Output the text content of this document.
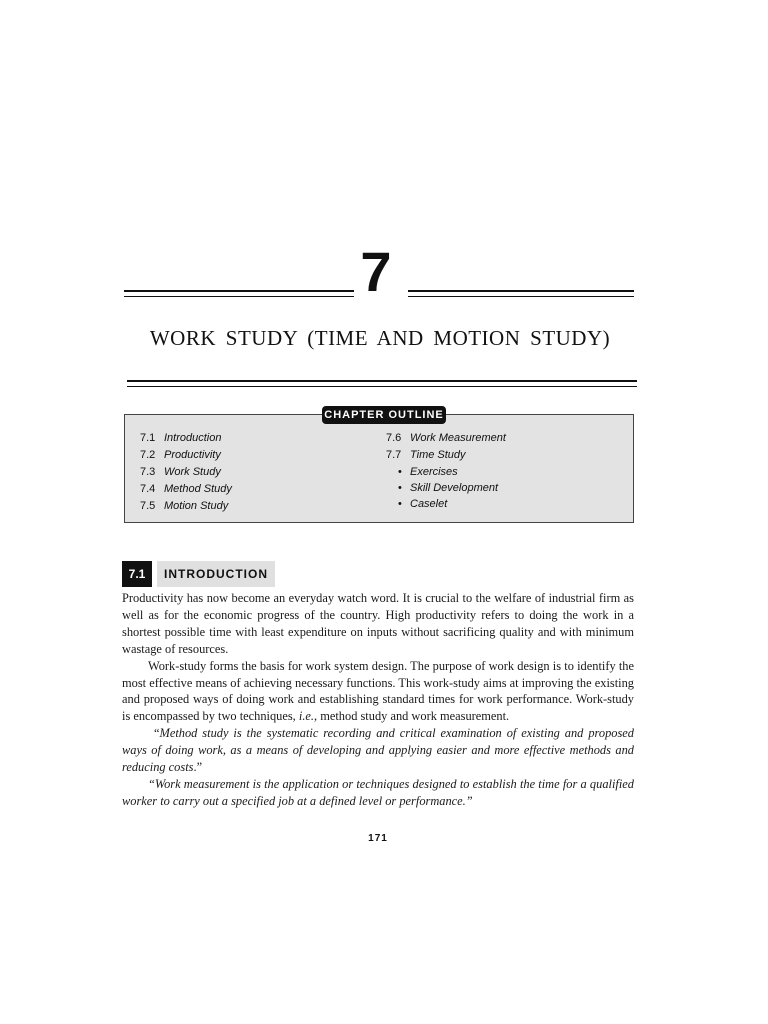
7
WORK STUDY (TIME AND MOTION STUDY)
CHAPTER OUTLINE
7.1 Introduction
7.2 Productivity
7.3 Work Study
7.4 Method Study
7.5 Motion Study
7.6 Work Measurement
7.7 Time Study
• Exercises
• Skill Development
• Caselet
7.1	INTRODUCTION

Productivity has now become an everyday watch word. It is crucial to the welfare of industrial firm as well as for the economic progress of the country. High productivity refers to doing the work in a shortest possible time with least expenditure on inputs without sacrificing quality and with minimum wastage of resources.

Work-study forms the basis for work system design. The purpose of work design is to identify the most effective means of achieving necessary functions. This work-study aims at improving the existing and proposed ways of doing work and establishing standard times for work performance. Work-study is encompassed by two techniques, i.e., method study and work measurement.

“Method study is the systematic recording and critical examination of existing and proposed ways of doing work, as a means of developing and applying easier and more effective methods and reducing costs.”

“Work measurement is the application or techniques designed to establish the time for a qualified worker to carry out a specified job at a defined level or performance.”

171
